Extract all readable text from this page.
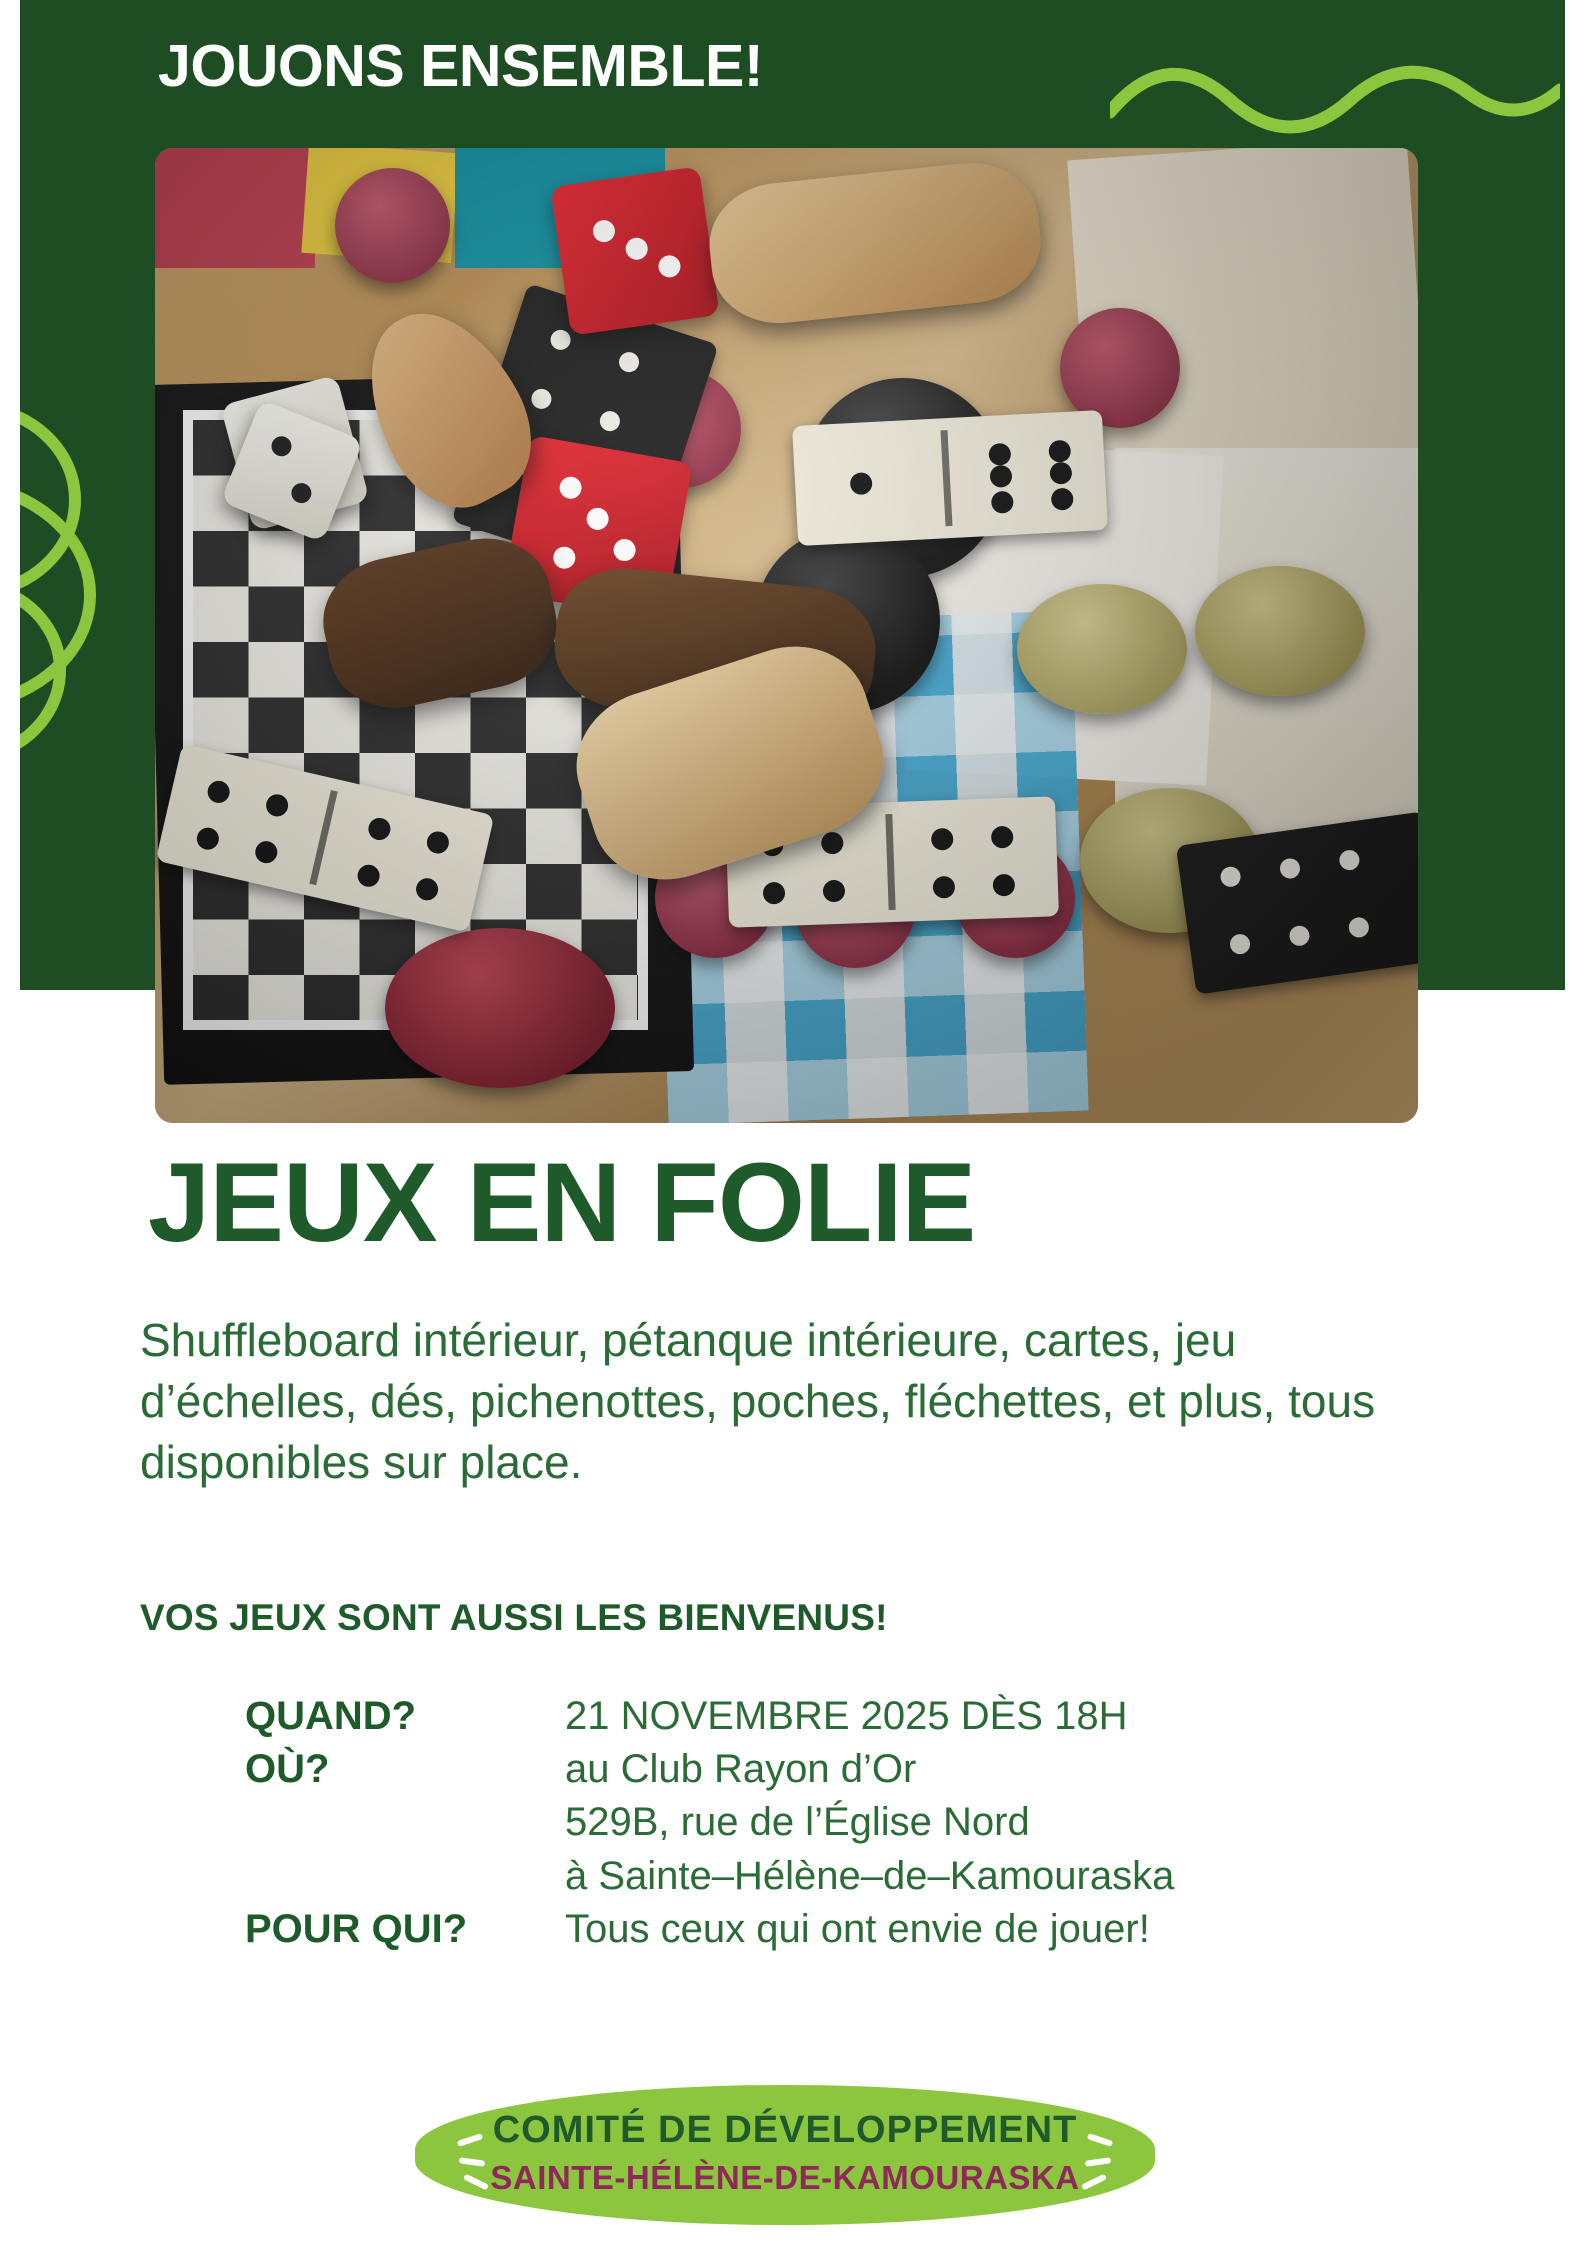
JOUONS ENSEMBLE!
JEUX EN FOLIE
Shuffleboard intérieur, pétanque intérieure, cartes, jeu d’échelles, dés, pichenottes, poches, fléchettes, et plus, tous disponibles sur place.
VOS JEUX SONT AUSSI LES BIENVENUS!
QUAND?	21 NOVEMBRE 2025 DÈS 18H
OÙ?	au Club Rayon d’Or
529B, rue de l’Église Nord
à Sainte–Hélène–de–Kamouraska
POUR QUI?	Tous ceux qui ont envie de jouer!
COMITÉ DE DÉVELOPPEMENT
SAINTE-HÉLÈNE-DE-KAMOURASKA
